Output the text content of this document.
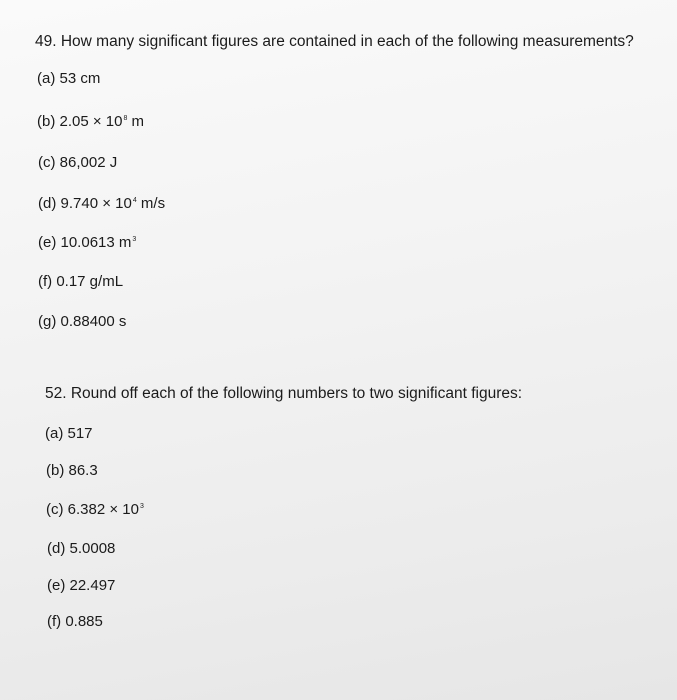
49. How many significant figures are contained in each of the following measurements?
(a) 53 cm
(b) $2.05 \times 10^8$ m
(c) 86,002 J
(d) $9.740 \times 10^4$ m/s
(e) 10.0613 $m^3$
(f) 0.17 g/mL
(g) 0.88400 s
52. Round off each of the following numbers to two significant figures:
(a) 517
(b) 86.3
(c) $6.382 \times 10^3$
(d) 5.0008
(e) 22.497
(f) 0.885
